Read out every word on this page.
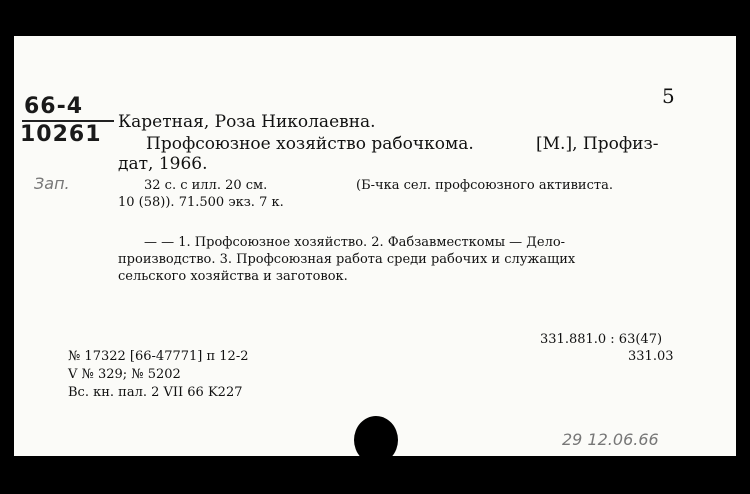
66-4
10261
Зап.
5
Каретная, Роза Николаевна.
Профсоюзное хозяйство рабочкома.	[М.], Профиз-
дат, 1966.
32 с. с илл. 20 см.	(Б-чка сел. профсоюзного активиста.
10 (58)). 71.500 экз. 7 к.
— — 1. Профсоюзное хозяйство. 2. Фабзавместкомы — Дело-
производство. 3. Профсоюзная работа среди рабочих и служащих
сельского хозяйства и заготовок.
331.881.0 : 63(47)
331.03
№ 17322 [66-47771] п 12-2
V № 329; № 5202
Вс. кн. пал. 2 VII 66 K227
29 12.06.66
